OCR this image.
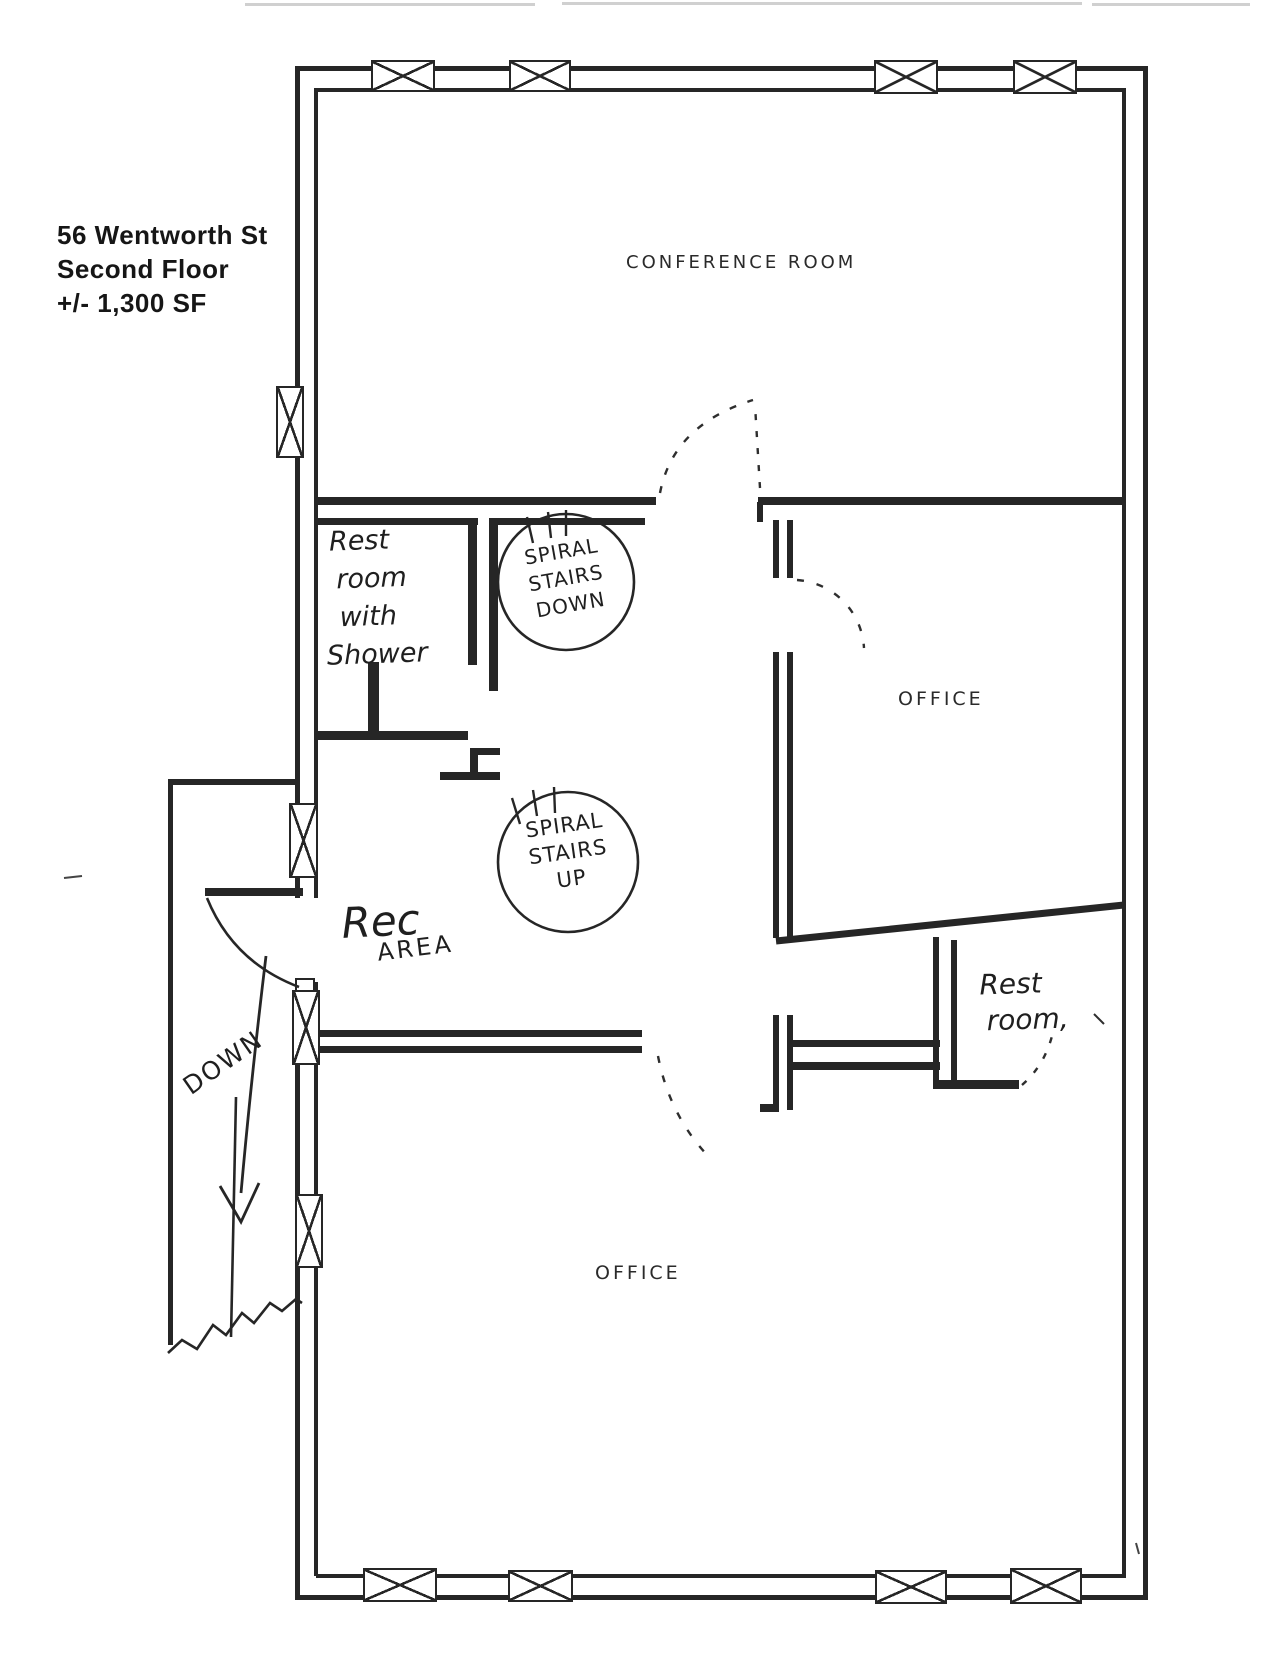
56 Wentworth St
Second Floor
+/- 1,300 SF
CONFERENCE ROOM
Rest
room
with
Shower
SPIRAL
STAIRS
DOWN
OFFICE
SPIRAL
STAIRS
UP
Rec
AREA
Rest
room,
DOWN
OFFICE
